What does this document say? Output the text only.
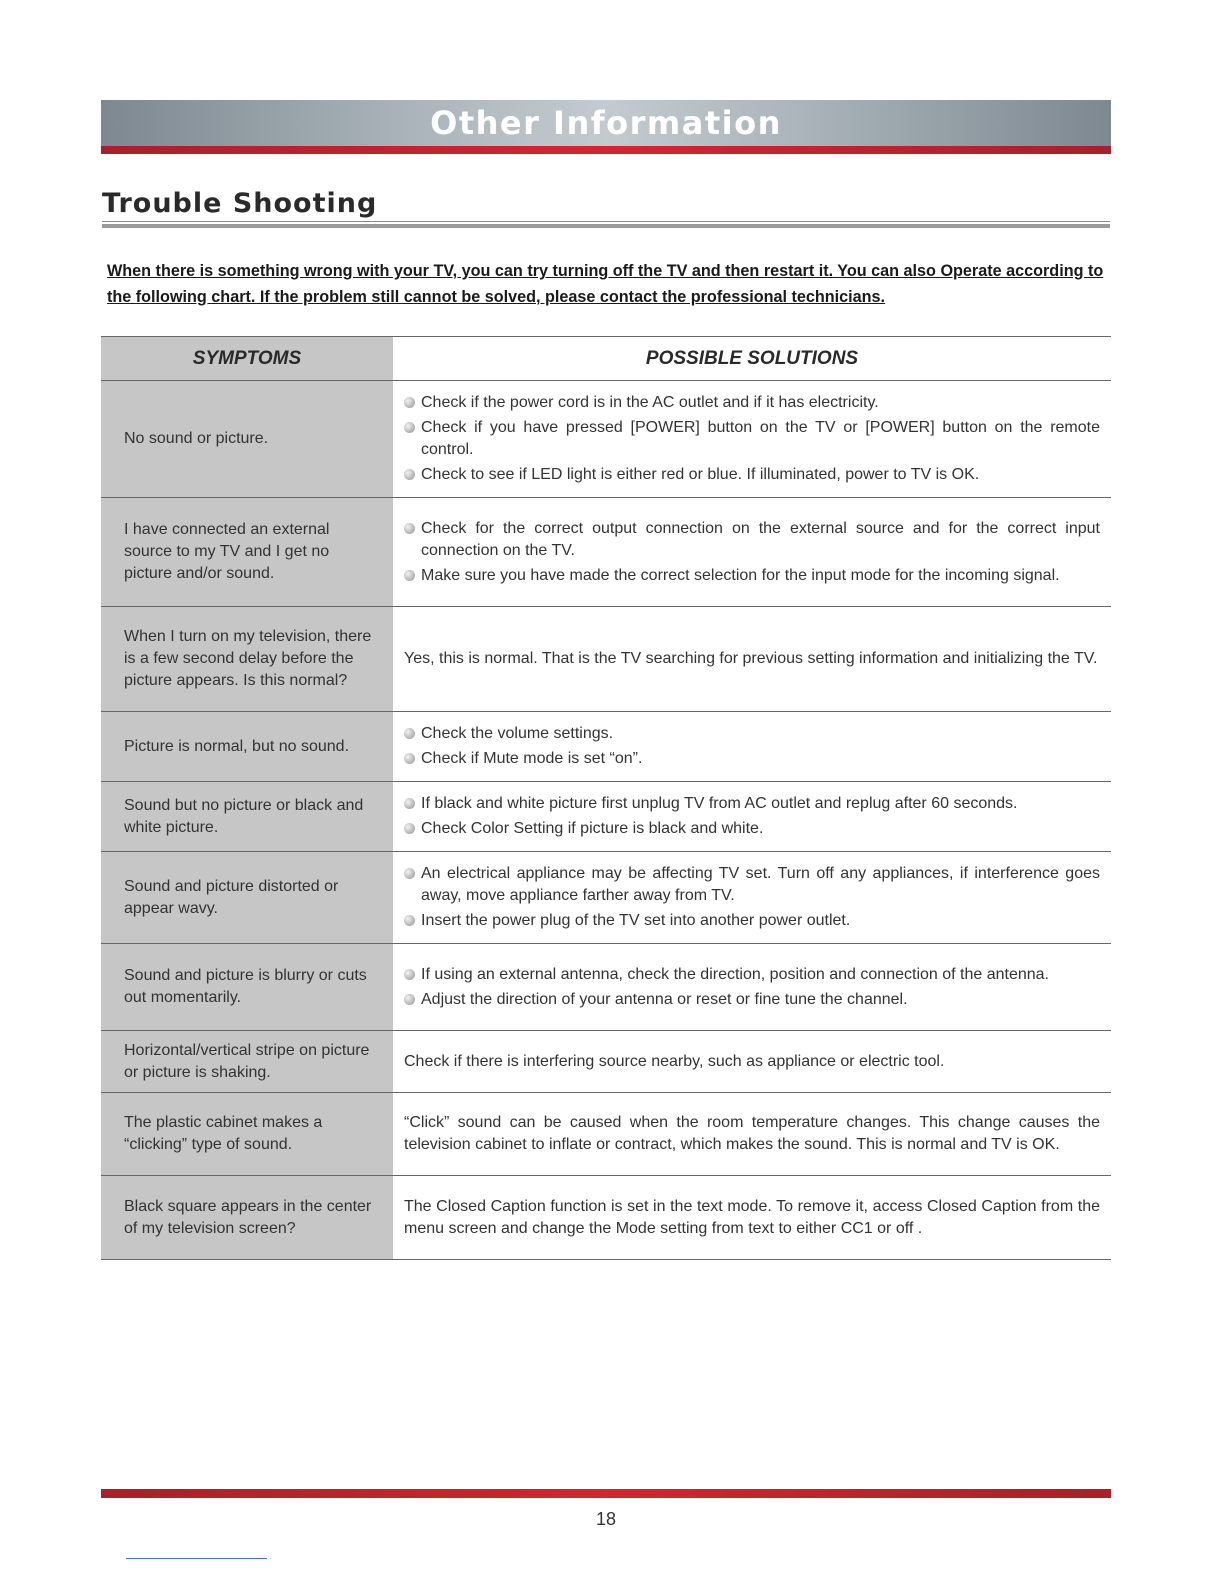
Other Information
Trouble Shooting
When there is something wrong with your TV, you can try turning off the TV and then restart it. You can also Operate according to the following chart. If the problem still cannot be solved, please contact the professional technicians.
SYMPTOMS	POSSIBLE SOLUTIONS
No sound or picture.	Check if the power cord is in the AC outlet and if it has electricity.
Check if you have pressed [POWER] button on the TV or [POWER] button on the remote control.
Check to see if LED light is either red or blue. If illuminated, power to TV is OK.

I have connected an external source to my TV and I get no picture and/or sound.	Check for the correct output connection on the external source and for the correct input connection on the TV.
Make sure you have made the correct selection for the input mode for the incoming signal.

When I turn on my television, there is a few second delay before the picture appears. Is this normal?	Yes, this is normal. That is the TV searching for previous setting information and initializing the TV.
Picture is normal, but no sound.	Check the volume settings.
Check if Mute mode is set “on”.

Sound but no picture or black and white picture.	If black and white picture first unplug TV from AC outlet and replug after 60 seconds.
Check Color Setting if picture is black and white.

Sound and picture distorted or appear wavy.	An electrical appliance may be affecting TV set. Turn off any appliances, if interference goes away, move appliance farther away from TV.
Insert the power plug of the TV set into another power outlet.

Sound and picture is blurry or cuts out momentarily.	If using an external antenna, check the direction, position and connection of the antenna.
Adjust the direction of your antenna or reset or fine tune the channel.

Horizontal/vertical stripe on picture or picture is shaking.	Check if there is interfering source nearby, such as appliance or electric tool.
The plastic cabinet makes a “clicking” type of sound.	“Click” sound can be caused when the room temperature changes. This change causes the television cabinet to inflate or contract, which makes the sound. This is normal and TV is OK.
Black square appears in the center of my television screen?	The Closed Caption function is set in the text mode. To remove it, access Closed Caption from the menu screen and change the Mode setting from text to either CC1 or off .
18
